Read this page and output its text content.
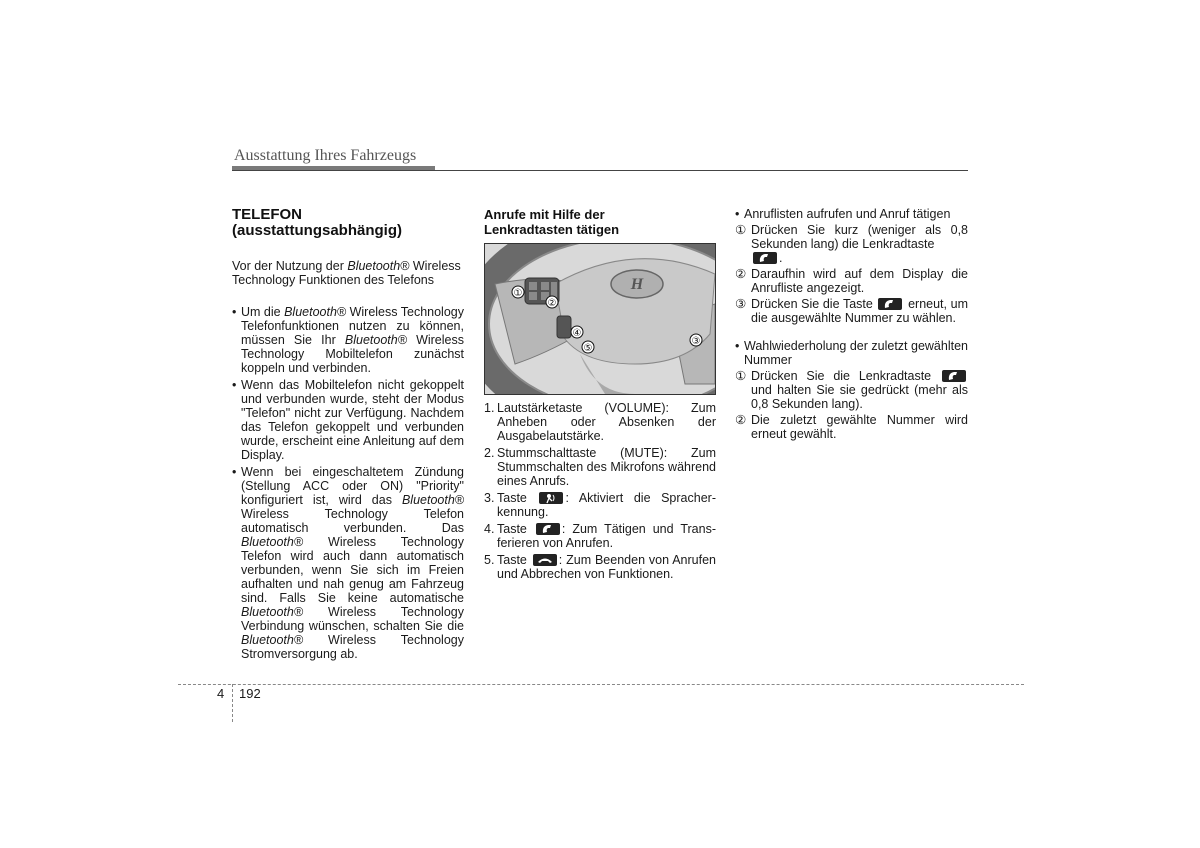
Ausstattung Ihres Fahrzeugs
TELEFON
(ausstattungsabhängig)

Vor der Nutzung der Bluetooth® Wireless Technology Funktionen des Telefons

• Um die Bluetooth® Wireless Technology Telefonfunktionen nutzen zu können, müssen Sie Ihr Bluetooth® Wireless Technology Mobiltelefon zunächst koppeln und verbinden.
• Wenn das Mobiltelefon nicht gekoppelt und verbunden wurde, steht der Modus "Telefon" nicht zur Verfügung. Nachdem das Telefon gekoppelt und verbunden wurde, erscheint eine Anleitung auf dem Display.
• Wenn bei eingeschaltetem Zündung (Stellung ACC oder ON) "Priority" konfiguriert ist, wird das Bluetooth® Wireless Technology Telefon automatisch verbunden. Das Bluetooth® Wireless Technology Telefon wird auch dann automatisch verbunden, wenn Sie sich im Freien aufhalten und nah genug am Fahrzeug sind. Falls Sie keine automatische Bluetooth® Wireless Technology Verbindung wünschen, schalten Sie die Bluetooth® Wireless Technology Stromversorgung ab.
Anrufe mit Hilfe der
Lenkradtasten tätigen
H
①
②
③
④
⑤
1. Lautstärketaste (VOLUME): Zum Anheben oder Absenken der Ausgabelautstärke.
2. Stummschalttaste (MUTE): Zum Stummschalten des Mikrofons während eines Anrufs.
3. Taste	: Aktiviert die Spracherkennung.
4. Taste	: Zum Tätigen und Transferieren von Anrufen.
5. Taste	: Zum Beenden von Anrufen und Abbrechen von Funktionen.
• Anruflisten aufrufen und Anruf tätigen
① Drücken Sie kurz (weniger als 0,8 Sekunden lang) die Lenkradtaste

.
② Daraufhin wird auf dem Display die Anrufliste angezeigt.
③ Drücken Sie die Taste	erneut, um die ausgewählte Nummer zu wählen.
• Wahlwiederholung der zuletzt gewählten Nummer
① Drücken Sie die Lenkradtaste
und halten Sie sie gedrückt (mehr als 0,8 Sekunden lang).
② Die zuletzt gewählte Nummer wird erneut gewählt.
4 192
